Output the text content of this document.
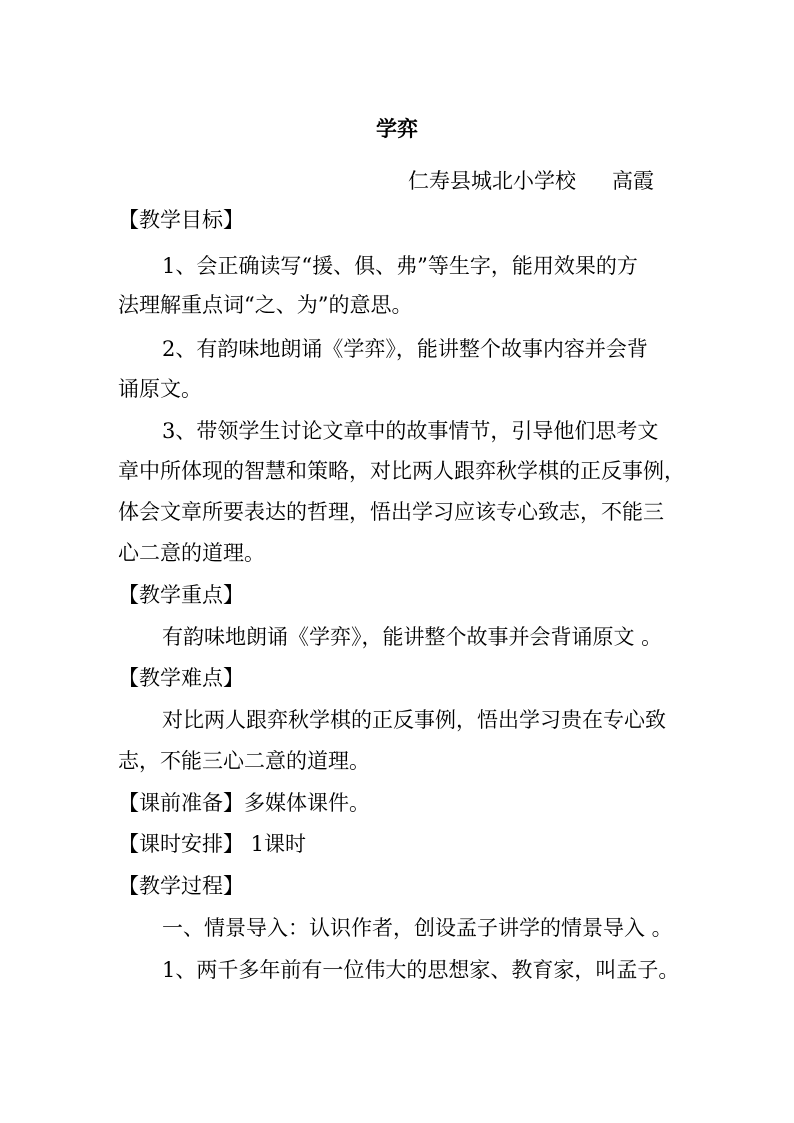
学弈
仁寿县城北小学校 高霞
【教学目标】
1、会正确读写“援、俱、弗”等生字，能用效果的方
法理解重点词“之、为”的意思。
2、有韵味地朗诵《学弈》，能讲整个故事内容并会背
诵原文。
3、带领学生讨论文章中的故事情节，引导他们思考文
章中所体现的智慧和策略，对比两人跟弈秋学棋的正反事例，
体会文章所要表达的哲理，悟出学习应该专心致志，不能三
心二意的道理。
【教学重点】
有韵味地朗诵《学弈》，能讲整个故事并会背诵原文 。
【教学难点】
对比两人跟弈秋学棋的正反事例，悟出学习贵在专心致
志，不能三心二意的道理。
【课前准备】多媒体课件。
【课时安排】 1课时
【教学过程】
一、情景导入：认识作者，创设孟子讲学的情景导入 。
1、两千多年前有一位伟大的思想家、教育家，叫孟子。
